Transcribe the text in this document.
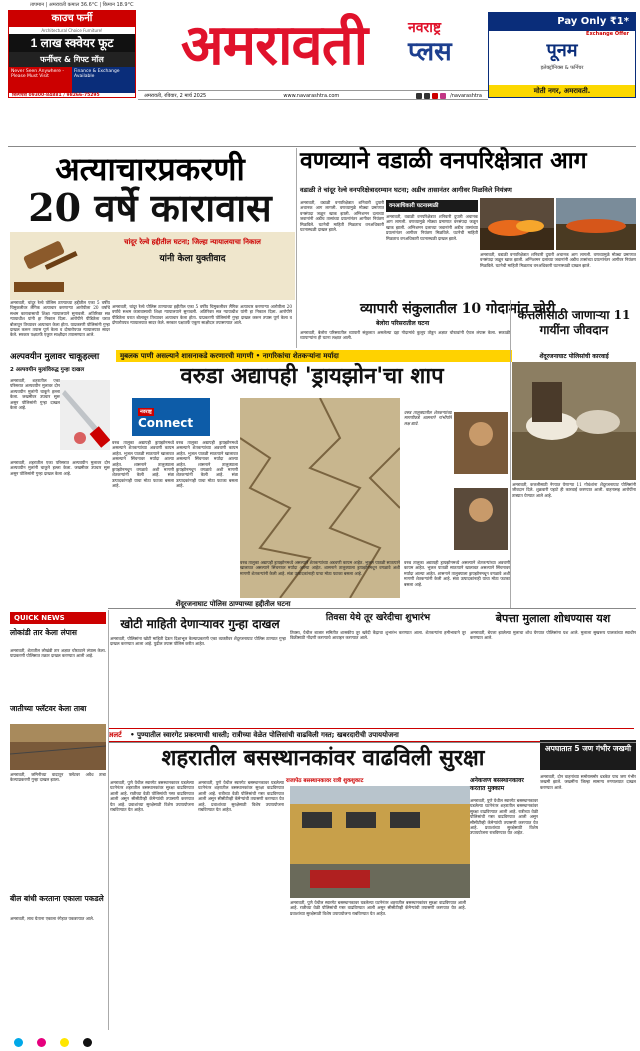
तापमान | अमरावती कमाल 36.6°C | किमान 18.9°C
काउच फर्नी
Architectural Choice Furniture!
1 लाख स्क्वेयर फूट
फर्नीचर & गिफ्ट मॉल
Never Seen Anywhere - Please Must Visit
Finance & Exchange Available
शिल्पपत्री 09300-84881 / 98266-75295
अमरावती	नवराष्ट्र
प्लस
Pay Only ₹1*
Exchange Offer
पूनम
इलेक्ट्रॉनिक्स & फर्निचर
मोती नगर, अमरावती.
अमरावती, रविवार, 2 मार्च 2025	www.navarashtra.com	/navarashtra
अत्याचारप्रकरणी
20 वर्षे कारावास
चांदूर रेल्वे हद्दीतील घटना; जिल्हा न्यायालयाचा निकाल
यांनी केला युक्तीवाद
अमरावती, चांदूर रेल्वे पोलिस ठाण्याच्या हद्दीतील एका 5 वर्षीय चिमुकलीवर लैंगिक अत्याचार करणाऱ्या आरोपीला 20 वर्षांचे सश्रम कारावासाची शिक्षा न्यायालयाने सुनावली. अतिरिक्त सत्र न्यायाधीश यांनी हा निकाल दिला. आरोपीने पीडितेला घरात बोलावून तिच्यावर अत्याचार केला होता. याप्रकरणी पोलिसांनी गुन्हा दाखल करून तपास पूर्ण केला व दोषारोपपत्र न्यायालयात सादर केले. सरकार पक्षातर्फे एकूण साक्षीदार तपासण्यात आले.
अमरावती, चांदूर रेल्वे पोलिस ठाण्याच्या हद्दीतील एका 5 वर्षीय चिमुकलीवर लैंगिक अत्याचार करणाऱ्या आरोपीला 20 वर्षांचे सश्रम कारावासाची शिक्षा न्यायालयाने सुनावली. अतिरिक्त सत्र न्यायाधीश यांनी हा निकाल दिला. आरोपीने पीडितेला घरात बोलावून तिच्यावर अत्याचार केला होता. याप्रकरणी पोलिसांनी गुन्हा दाखल करून तपास पूर्ण केला व दोषारोपपत्र न्यायालयात सादर केले. सरकार पक्षातर्फे एकूण साक्षीदार तपासण्यात आले.
वणव्याने वडाळी वनपरिक्षेत्रात आग
वडाळी ते चांदूर रेल्वे वनपरिक्षेत्रादरम्यान घटना; अडीच तासानंतर आगीवर मिळविले नियंत्रण
अमरावती, वडाळी वनपरिक्षेत्रात शनिवारी दुपारी अचानक आग लागली. वणव्यामुळे मोठ्या प्रमाणात वनसंपदा जळून खाक झाली. अग्निशमन दलाच्या जवानांनी अडीच तासांच्या प्रयत्नांनंतर आगीवर नियंत्रण मिळविले. घटनेची माहिती मिळताच वनअधिकारी घटनास्थळी दाखल झाले.
वनआधिकारी घटनास्थळी
अमरावती, वडाळी वनपरिक्षेत्रात शनिवारी दुपारी अचानक आग लागली. वणव्यामुळे मोठ्या प्रमाणात वनसंपदा जळून खाक झाली. अग्निशमन दलाच्या जवानांनी अडीच तासांच्या प्रयत्नांनंतर आगीवर नियंत्रण मिळविले. घटनेची माहिती मिळताच वनअधिकारी घटनास्थळी दाखल झाले.
अमरावती, वडाळी वनपरिक्षेत्रात शनिवारी दुपारी अचानक आग लागली. वणव्यामुळे मोठ्या प्रमाणात वनसंपदा जळून खाक झाली. अग्निशमन दलाच्या जवानांनी अडीच तासांच्या प्रयत्नांनंतर आगीवर नियंत्रण मिळविले. घटनेची माहिती मिळताच वनअधिकारी घटनास्थळी दाखल झाले.
व्यापारी संकुलातील 10 गोदामांत चोरी
बेलोरा परिसरातील घटना
अमरावती, बेलोरा परिसरातील व्यापारी संकुलात असलेल्या दहा गोदामांचे कुलूप तोडून अज्ञात चोरट्यांनी ऐवज लंपास केला. सकाळी व्यापाऱ्यांना ही घटना लक्षात आली.
कत्तलीसाठी जाणाऱ्या 11 गायींना जीवदान
शेंदूरजनाघाट पोलिसांची कारवाई
अमरावती, कत्तलीसाठी नेण्यात येणाऱ्या 11 गोवंशांना शेंदूरजनाघाट पोलिसांनी जीवदान दिले. शुक्रवारी पहाटे ही कारवाई करण्यात आली. वाहनासह आरोपींना ताब्यात घेण्यात आले आहे.
अल्पवयीन मुलावर चाकूहल्ला
2 अल्पवयीन मुलांविरुद्ध गुन्हा दाखल
अमरावती, शहरातील एका परिसरात अल्पवयीन मुलावर दोन अल्पवयीन मुलांनी चाकूने हल्ला केला. जखमीवर उपचार सुरू असून पोलिसांनी गुन्हा दाखल केला आहे.
अमरावती, शहरातील एका परिसरात अल्पवयीन मुलावर दोन अल्पवयीन मुलांनी चाकूने हल्ला केला. जखमीवर उपचार सुरू असून पोलिसांनी गुन्हा दाखल केला आहे.
मुबलक पाणी असल्याने शासनाकडे करणारची मागणी • नागरिकांचा शेतकऱ्यांना मर्यादा
वरुडा अद्यापही 'ड्रायझोन'चा शाप
नवराष्ट्र
Connect
वरुड तालुका अद्यापही ड्रायझोनमध्ये असल्याने शेतकऱ्यांच्या अडचणी कायम आहेत. भूजल पातळी सातत्याने खालावत असल्याने सिंचनावर मर्यादा आल्या आहेत. शासनाने तालुक्याला ड्रायझोनमधून वगळावे अशी मागणी शेतकऱ्यांनी केली आहे. संत्रा उत्पादकांनाही याचा मोठा फटका बसला आहे.
वरुड तालुका अद्यापही ड्रायझोनमध्ये असल्याने शेतकऱ्यांच्या अडचणी कायम आहेत. भूजल पातळी सातत्याने खालावत असल्याने सिंचनावर मर्यादा आल्या आहेत. शासनाने तालुक्याला ड्रायझोनमधून वगळावे अशी मागणी शेतकऱ्यांनी केली आहे. संत्रा उत्पादकांनाही याचा मोठा फटका बसला आहे.
वरुड तालुक्यातील शेतकऱ्यांच्या मागणीकडे शासनाने गांभीर्याने लक्ष द्यावे.
वरुड तालुका अद्यापही ड्रायझोनमध्ये असल्याने शेतकऱ्यांच्या अडचणी कायम आहेत. भूजल पातळी सातत्याने खालावत असल्याने सिंचनावर मर्यादा आल्या आहेत. शासनाने तालुक्याला ड्रायझोनमधून वगळावे अशी मागणी शेतकऱ्यांनी केली आहे. संत्रा उत्पादकांनाही याचा मोठा फटका बसला आहे.
वरुड तालुका अद्यापही ड्रायझोनमध्ये असल्याने शेतकऱ्यांच्या अडचणी कायम आहेत. भूजल पातळी सातत्याने खालावत असल्याने सिंचनावर मर्यादा आल्या आहेत. शासनाने तालुक्याला ड्रायझोनमधून वगळावे अशी मागणी शेतकऱ्यांनी केली आहे. संत्रा उत्पादकांनाही याचा मोठा फटका बसला आहे.
शेंदूरजनाघाट पोलिस ठाण्याच्या हद्दीतील घटना
खोटी माहिती देणाऱ्यावर गुन्हा दाखल
अमरावती, पोलिसांना खोटी माहिती देऊन दिशाभूल केल्याप्रकरणी एका व्यक्तीवर शेंदूरजनाघाट पोलिस ठाण्यात गुन्हा दाखल करण्यात आला आहे. पुढील तपास पोलिस करीत आहेत.
तिवसा येथे तूर खरेदीचा शुभारंभ
तिवसा, येथील बाजार समितीत शासकीय तूर खरेदी केंद्राचा शुभारंभ करण्यात आला. शेतकऱ्यांना हमीभावाने तूर विक्रीसाठी नोंदणी करण्याचे आवाहन करण्यात आले.
बेपत्ता मुलाला शोधण्यास यश
अमरावती, बेपत्ता झालेल्या मुलाचा शोध घेण्यात पोलिसांना यश आले. मुलाला सुखरूप पालकांच्या स्वाधीन करण्यात आले.
QUICK NEWS
लोकांडी तार केला लंपास
अमरावती, शेतातील लोखंडी तार अज्ञात चोरट्याने लंपास केला. याप्रकरणी पोलिसात तक्रार दाखल करण्यात आली आहे.
जातीच्या फ्लॅटवर केला ताबा
अमरावती, जमिनीच्या वादातून फ्लॅटवर अवैध ताबा केल्याप्रकरणी गुन्हा दाखल झाला.
बील बांधी करताना एकाला पकडले
अमरावती, लाच घेताना एकाला रंगेहात पकडण्यात आले.
अलर्ट • पुण्यातील स्वारगेट प्रकरणाची धास्ती; रात्रीच्या वेळेत पोलिसांची वाढविली गस्त; खबरदारीची उपाययोजना
शहरातील बसस्थानकांवर वाढविली सुरक्षा
अमरावती, पुणे येथील स्वारगेट बसस्थानकावर घडलेल्या घटनेनंतर शहरातील बसस्थानकांवर सुरक्षा वाढविण्यात आली आहे. रात्रीच्या वेळी पोलिसांची गस्त वाढविण्यात आली असून सीसीटीव्ही कॅमेऱ्यांची तपासणी करण्यात येत आहे. प्रवाशांच्या सुरक्षेसाठी विशेष उपाययोजना राबविण्यात येत आहेत.
अमरावती, पुणे येथील स्वारगेट बसस्थानकावर घडलेल्या घटनेनंतर शहरातील बसस्थानकांवर सुरक्षा वाढविण्यात आली आहे. रात्रीच्या वेळी पोलिसांची गस्त वाढविण्यात आली असून सीसीटीव्ही कॅमेऱ्यांची तपासणी करण्यात येत आहे. प्रवाशांच्या सुरक्षेसाठी विशेष उपाययोजना राबविण्यात येत आहेत.
राजापेठ बसस्थानकावर रात्री शुकशुकाट
अमरावती, पुणे येथील स्वारगेट बसस्थानकावर घडलेल्या घटनेनंतर शहरातील बसस्थानकांवर सुरक्षा वाढविण्यात आली आहे. रात्रीच्या वेळी पोलिसांची गस्त वाढविण्यात आली असून सीसीटीव्ही कॅमेऱ्यांची तपासणी करण्यात येत आहे. प्रवाशांच्या सुरक्षेसाठी विशेष उपाययोजना राबविण्यात येत आहेत.
अनेकजण बसस्थानकावर करतात मुक्काम
अमरावती, पुणे येथील स्वारगेट बसस्थानकावर घडलेल्या घटनेनंतर शहरातील बसस्थानकांवर सुरक्षा वाढविण्यात आली आहे. रात्रीच्या वेळी पोलिसांची गस्त वाढविण्यात आली असून सीसीटीव्ही कॅमेऱ्यांची तपासणी करण्यात येत आहे. प्रवाशांच्या सुरक्षेसाठी विशेष उपाययोजना राबविण्यात येत आहेत.
अपघातात 5 जण गंभीर जखमी
अमरावती, दोन वाहनांच्या समोरासमोर धडकेत पाच जण गंभीर जखमी झाले. जखमींना जिल्हा सामान्य रुग्णालयात दाखल करण्यात आले.
